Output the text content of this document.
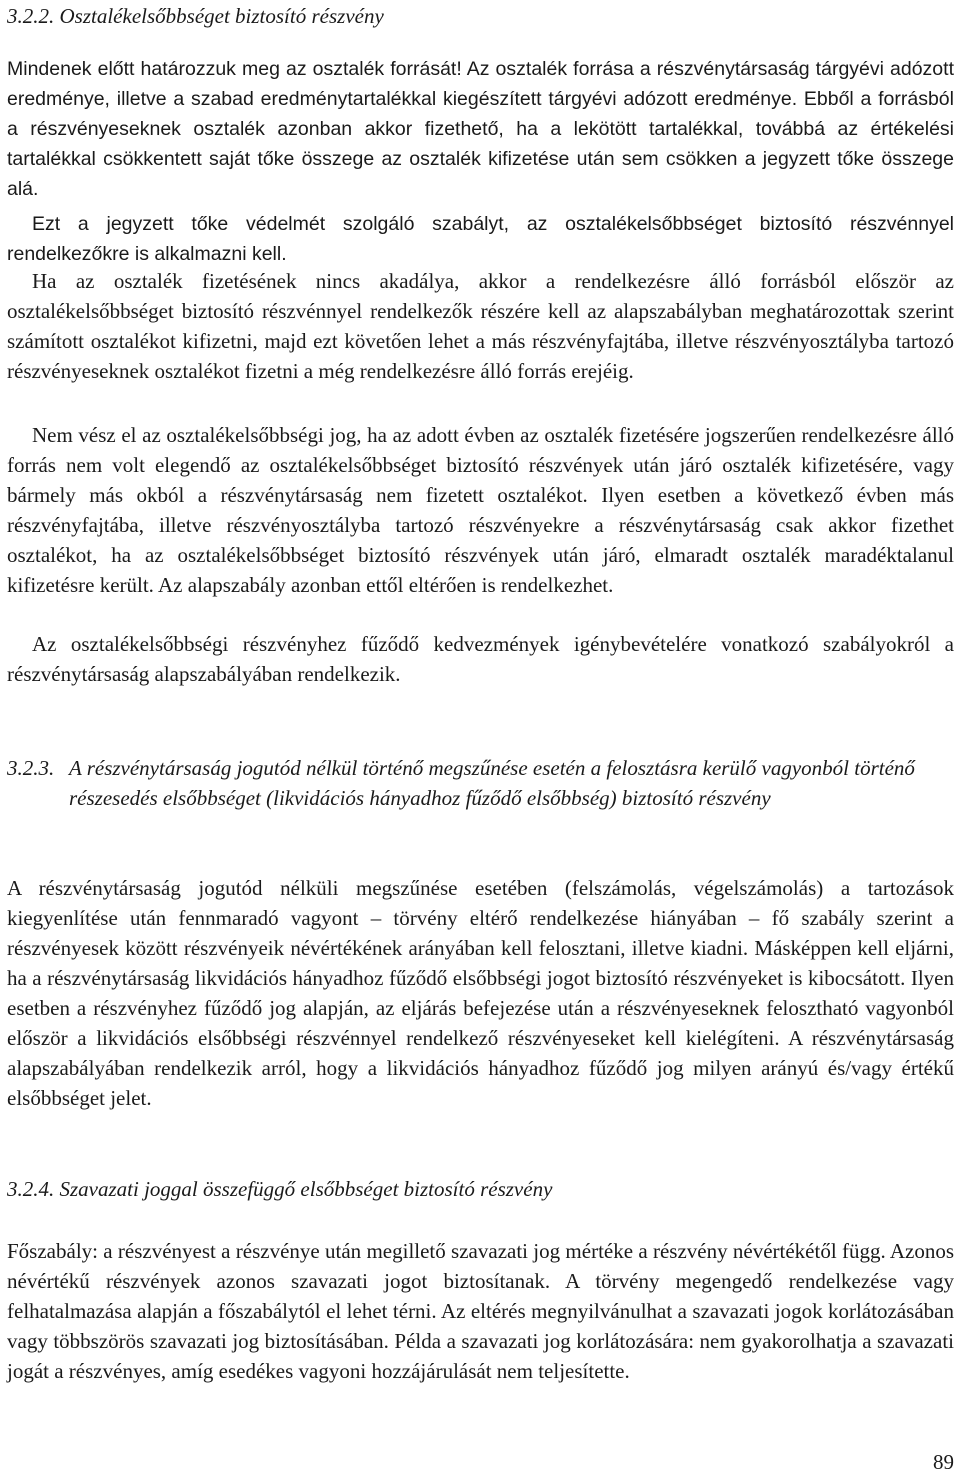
3.2.2. Osztalékelsőbbséget biztosító részvény

Mindenek előtt határozzuk meg az osztalék forrását! Az osztalék forrása a részvénytársaság tárgyévi adózott eredménye, illetve a szabad eredménytartalékkal kiegészített tárgyévi adózott eredménye. Ebből a forrásból a részvényeseknek osztalék azonban akkor fizethető, ha a lekötött tartalékkal, továbbá az értékelési tartalékkal csökkentett saját tőke összege az osztalék kifizetése után sem csökken a jegyzett tőke összege alá.

Ezt a jegyzett tőke védelmét szolgáló szabályt, az osztalékelsőbbséget biztosító részvénnyel rendelkezőkre is alkalmazni kell.

Ha az osztalék fizetésének nincs akadálya, akkor a rendelkezésre álló forrásból először az osztalékelsőbbséget biztosító részvénnyel rendelkezők részére kell az alapszabályban meghatározottak szerint számított osztalékot kifizetni, majd ezt követően lehet a más részvényfajtába, illetve részvényosztályba tartozó részvényeseknek osztalékot fizetni a még rendelkezésre álló forrás erejéig.

Nem vész el az osztalékelsőbbségi jog, ha az adott évben az osztalék fizetésére jogszerűen rendelkezésre álló forrás nem volt elegendő az osztalékelsőbbséget biztosító részvények után járó osztalék kifizetésére, vagy bármely más okból a részvénytársaság nem fizetett osztalékot. Ilyen esetben a következő évben más részvényfajtába, illetve részvényosztályba tartozó részvényekre a részvénytársaság csak akkor fizethet osztalékot, ha az osztalékelsőbbséget biztosító részvények után járó, elmaradt osztalék maradéktalanul kifizetésre került. Az alapszabály azonban ettől eltérően is rendelkezhet.

Az osztalékelsőbbségi részvényhez fűződő kedvezmények igénybevételére vonatkozó szabályokról a részvénytársaság alapszabályában rendelkezik.

3.2.3. A részvénytársaság jogutód nélkül történő megszűnése esetén a felosztásra kerülő vagyonból történő részesedés elsőbbséget (likvidációs hányadhoz fűződő elsőbbség) biztosító részvény

A részvénytársaság jogutód nélküli megszűnése esetében (felszámolás, végelszámolás) a tartozások kiegyenlítése után fennmaradó vagyont – törvény eltérő rendelkezése hiányában – fő szabály szerint a részvényesek között részvényeik névértékének arányában kell felosztani, illetve kiadni. Másképpen kell eljárni, ha a részvénytársaság likvidációs hányadhoz fűződő elsőbbségi jogot biztosító részvényeket is kibocsátott. Ilyen esetben a részvényhez fűződő jog alapján, az eljárás befejezése után a részvényeseknek felosztható vagyonból először a likvidációs elsőbbségi részvénnyel rendelkező részvényeseket kell kielégíteni. A részvénytársaság alapszabályában rendelkezik arról, hogy a likvidációs hányadhoz fűződő jog milyen arányú és/vagy értékű elsőbbséget jelet.

3.2.4. Szavazati joggal összefüggő elsőbbséget biztosító részvény

Főszabály: a részvényest a részvénye után megillető szavazati jog mértéke a részvény névértékétől függ. Azonos névértékű részvények azonos szavazati jogot biztosítanak. A törvény megengedő rendelkezése vagy felhatalmazása alapján a főszabálytól el lehet térni. Az eltérés megnyilvánulhat a szavazati jogok korlátozásában vagy többszörös szavazati jog biztosításában. Példa a szavazati jog korlátozására: nem gyakorolhatja a szavazati jogát a részvényes, amíg esedékes vagyoni hozzájárulását nem teljesítette.

89
